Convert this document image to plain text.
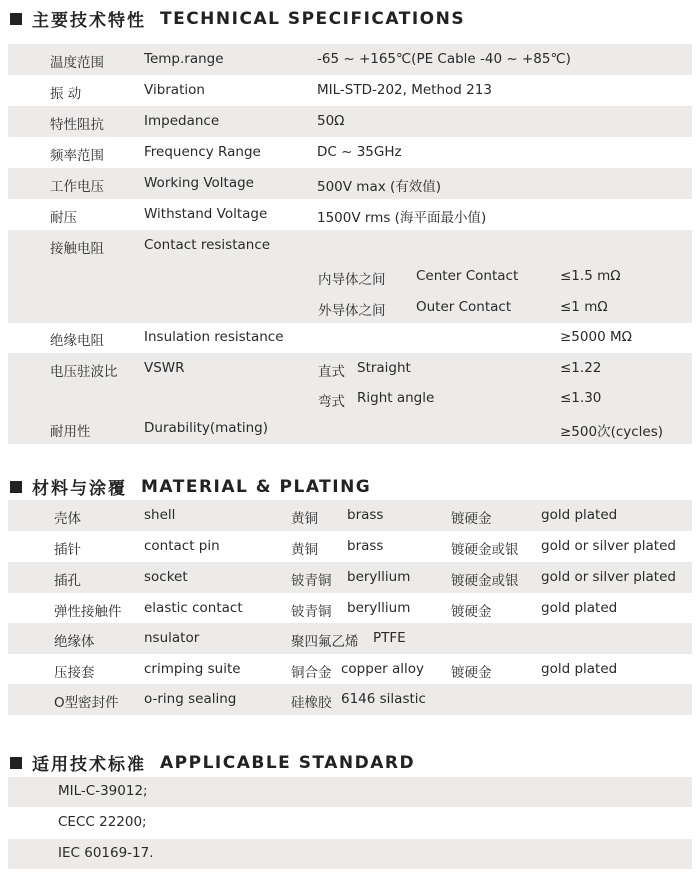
主要技术特性 TECHNICAL SPECIFICATIONS
温度范围	Temp.range	-65 ~ +165℃(PE Cable -40 ~ +85℃)
振 动	Vibration	MIL-STD-202, Method 213
特性阻抗	Impedance	50Ω
频率范围	Frequency Range	DC ~ 35GHz
工作电压	Working Voltage	500V max (有效值)
耐压	Withstand Voltage	1500V rms (海平面最小值)
接触电阻	Contact resistance
内导体之间 Center Contact	≤1.5 mΩ
外导体之间 Outer Contact	≤1 mΩ
绝缘电阻	Insulation resistance	≥5000 MΩ
电压驻波比 VSWR	直式 Straight	≤1.22
弯式 Right angle	≤1.30
耐用性	Durability(mating)	≥500次(cycles)
材料与涂覆 MATERIAL & PLATING
壳体	shell	黄铜 brass	镀硬金	gold plated
插针	contact pin	黄铜 brass	镀硬金或银 gold or silver plated
插孔	socket	铍青铜 beryllium	镀硬金或银 gold or silver plated
弹性接触件 elastic contact	铍青铜 beryllium	镀硬金	gold plated
绝缘体	nsulator	聚四氟乙烯 PTFE
压接套	crimping suite	铜合金 copper alloy 镀硬金	gold plated
O型密封件 o-ring sealing	硅橡胶 6146 silastic
适用技术标准 APPLICABLE STANDARD
MIL-C-39012;
CECC 22200;
IEC 60169-17.
